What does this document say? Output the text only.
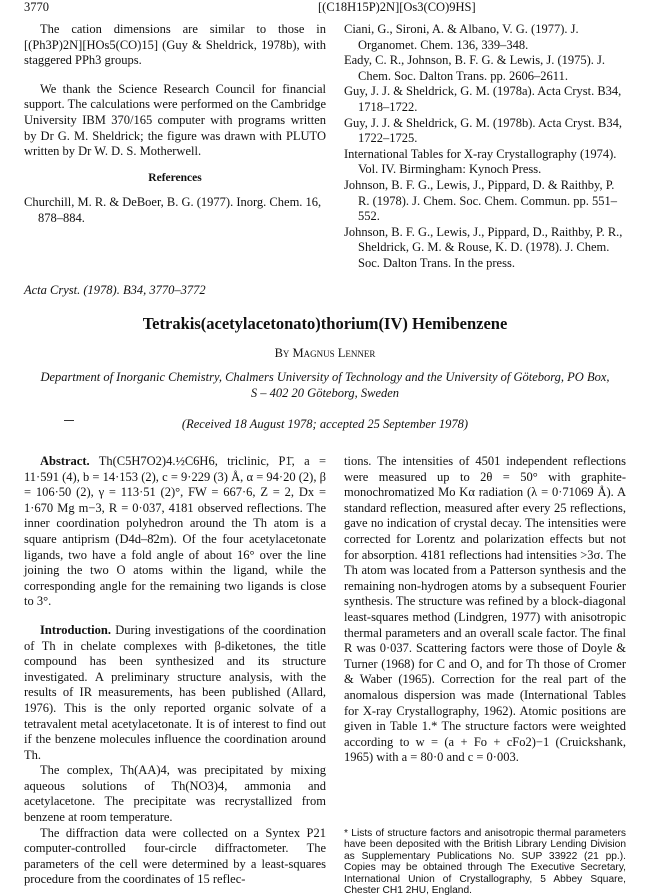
3770	[(C18H15P)2N][Os3(CO)9HS]

The cation dimensions are similar to those in [(Ph3P)2N][HOs5(CO)15] (Guy & Sheldrick, 1978b), with staggered PPh3 groups.

We thank the Science Research Council for financial support. The calculations were performed on the Cambridge University IBM 370/165 computer with programs written by Dr G. M. Sheldrick; the figure was drawn with PLUTO written by Dr W. D. S. Motherwell.

References

Churchill, M. R. & DeBoer, B. G. (1977). Inorg. Chem. 16, 878–884.

Ciani, G., Sironi, A. & Albano, V. G. (1977). J. Organomet. Chem. 136, 339–348.

Eady, C. R., Johnson, B. F. G. & Lewis, J. (1975). J. Chem. Soc. Dalton Trans. pp. 2606–2611.

Guy, J. J. & Sheldrick, G. M. (1978a). Acta Cryst. B34, 1718–1722.

Guy, J. J. & Sheldrick, G. M. (1978b). Acta Cryst. B34, 1722–1725.

International Tables for X-ray Crystallography (1974). Vol. IV. Birmingham: Kynoch Press.

Johnson, B. F. G., Lewis, J., Pippard, D. & Raithby, P. R. (1978). J. Chem. Soc. Chem. Commun. pp. 551–552.

Johnson, B. F. G., Lewis, J., Pippard, D., Raithby, P. R., Sheldrick, G. M. & Rouse, K. D. (1978). J. Chem. Soc. Dalton Trans. In the press.

Acta Cryst. (1978). B34, 3770–3772
Tetrakis(acetylacetonato)thorium(IV) Hemibenzene
By Magnus Lenner
Department of Inorganic Chemistry, Chalmers University of Technology and the University of Göteborg, PO Box,
S – 402 20 Göteborg, Sweden
(Received 18 August 1978; accepted 25 September 1978)

Abstract. Th(C5H7O2)4.½C6H6, triclinic, P1̄, a = 11·591 (4), b = 14·153 (2), c = 9·229 (3) Å, α = 94·20 (2), β = 106·50 (2), γ = 113·51 (2)°, FW = 667·6, Z = 2, Dx = 1·670 Mg m−3, R = 0·037, 4181 observed reflections. The inner coordination polyhedron around the Th atom is a square antiprism (D4d–8̄2m). Of the four acetylacetonate ligands, two have a fold angle of about 16° over the line joining the two O atoms within the ligand, while the corresponding angle for the remaining two ligands is close to 3°.

Introduction. During investigations of the coordination of Th in chelate complexes with β-diketones, the title compound has been synthesized and its structure investigated. A preliminary structure analysis, with the results of IR measurements, has been published (Allard, 1976). This is the only reported organic solvate of a tetravalent metal acetylacetonate. It is of interest to find out if the benzene molecules influence the coordination around Th.

The complex, Th(AA)4, was precipitated by mixing aqueous solutions of Th(NO3)4, ammonia and acetylacetone. The precipitate was recrystallized from benzene at room temperature.

The diffraction data were collected on a Syntex P21 computer-controlled four-circle diffractometer. The parameters of the cell were determined by a least-squares procedure from the coordinates of 15 reflec-

tions. The intensities of 4501 independent reflections were measured up to 2θ = 50° with graphite-monochromatized Mo Kα radiation (λ = 0·71069 Å). A standard reflection, measured after every 25 reflections, gave no indication of crystal decay. The intensities were corrected for Lorentz and polarization effects but not for absorption. 4181 reflections had intensities >3σ. The Th atom was located from a Patterson synthesis and the remaining non-hydrogen atoms by a subsequent Fourier synthesis. The structure was refined by a block-diagonal least-squares method (Lindgren, 1977) with anisotropic thermal parameters and an overall scale factor. The final R was 0·037. Scattering factors were those of Doyle & Turner (1968) for C and O, and for Th those of Cromer & Waber (1965). Correction for the real part of the anomalous dispersion was made (International Tables for X-ray Crystallography, 1962). Atomic positions are given in Table 1.* The structure factors were weighted according to w = (a + Fo + cFo2)−1 (Cruickshank, 1965) with a = 80·0 and c = 0·003.

* Lists of structure factors and anisotropic thermal parameters have been deposited with the British Library Lending Division as Supplementary Publications No. SUP 33922 (21 pp.). Copies may be obtained through The Executive Secretary, International Union of Crystallography, 5 Abbey Square, Chester CH1 2HU, England.
